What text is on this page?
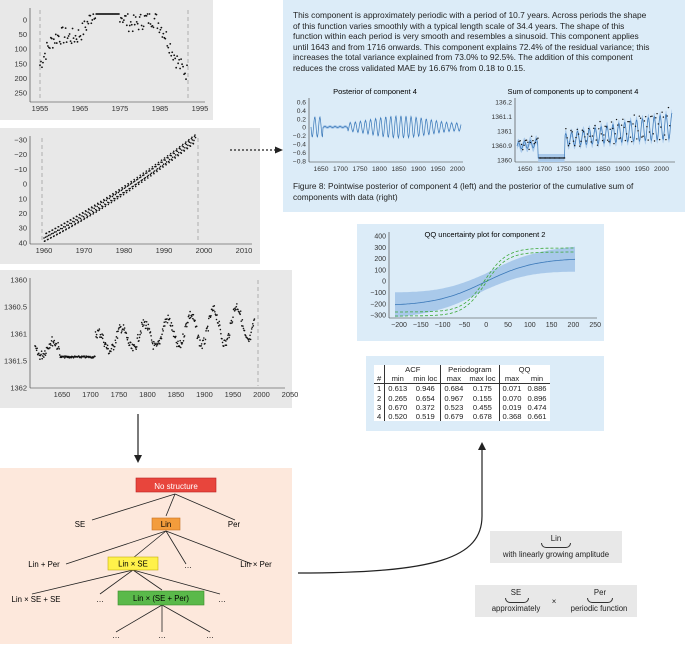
1955	1965	1975	1985	1995
0
50
100
150
200
250
1960	1970	1980	1990	2000	2010
−30
−20
−10
0
10
20
30
40
1650 1700 1750 1800 1850 1900 1950 2000 2050
1360
1360.5
1361
1361.5
1362
This component is approximately periodic with a period of 10.7 years. Across periods the shape of this function varies smoothly with a typical length scale of 34.4 years. The shape of this function within each period is very smooth and resembles a sinusoid. This component applies until 1643 and from 1716 onwards. This component explains 72.4% of the residual variance; this increases the total variance explained from 73.0% to 92.5%. The addition of this component reduces the cross validated MAE by 16.67% from 0.18 to 0.15.
Posterior of component 4	Sum of components up to component 4
1650 1700 1750 1800 1850 1900 1950 2000
0.6
0.4
0.2
0
−0.2
−0.4
−0.6
−0.8
1650 1700 1750 1800 1850 1900 1950 2000
136.2
1361.1
1361
1360.9
1360
Figure 8: Pointwise posterior of component 4 (left) and the posterior of the cumulative sum of components with data (right)
QQ uncertainty plot for component 2
−200 −150 −100 −50 0 50 100 150 200 250
400
300
200
100
0
−100
−200
−300
	ACF		Periodogram		QQ	
#	min	min loc	max	max loc	max	min
1	0.613	0.946	0.684	0.175	0.071	0.886
2	0.265	0.654	0.967	0.155	0.070	0.896
3	0.670	0.372	0.523	0.455	0.019	0.474
4	0.520	0.519	0.679	0.678	0.368	0.661
No structure
SE	Lin	Per
Lin + Per	Lin × SE	…	Lin × Per
Lin × SE + SE	…	Lin × (SE + Per)	…
…	…	…
Lin
with linearly growing amplitude
SE
approximately
×
Per
periodic function
